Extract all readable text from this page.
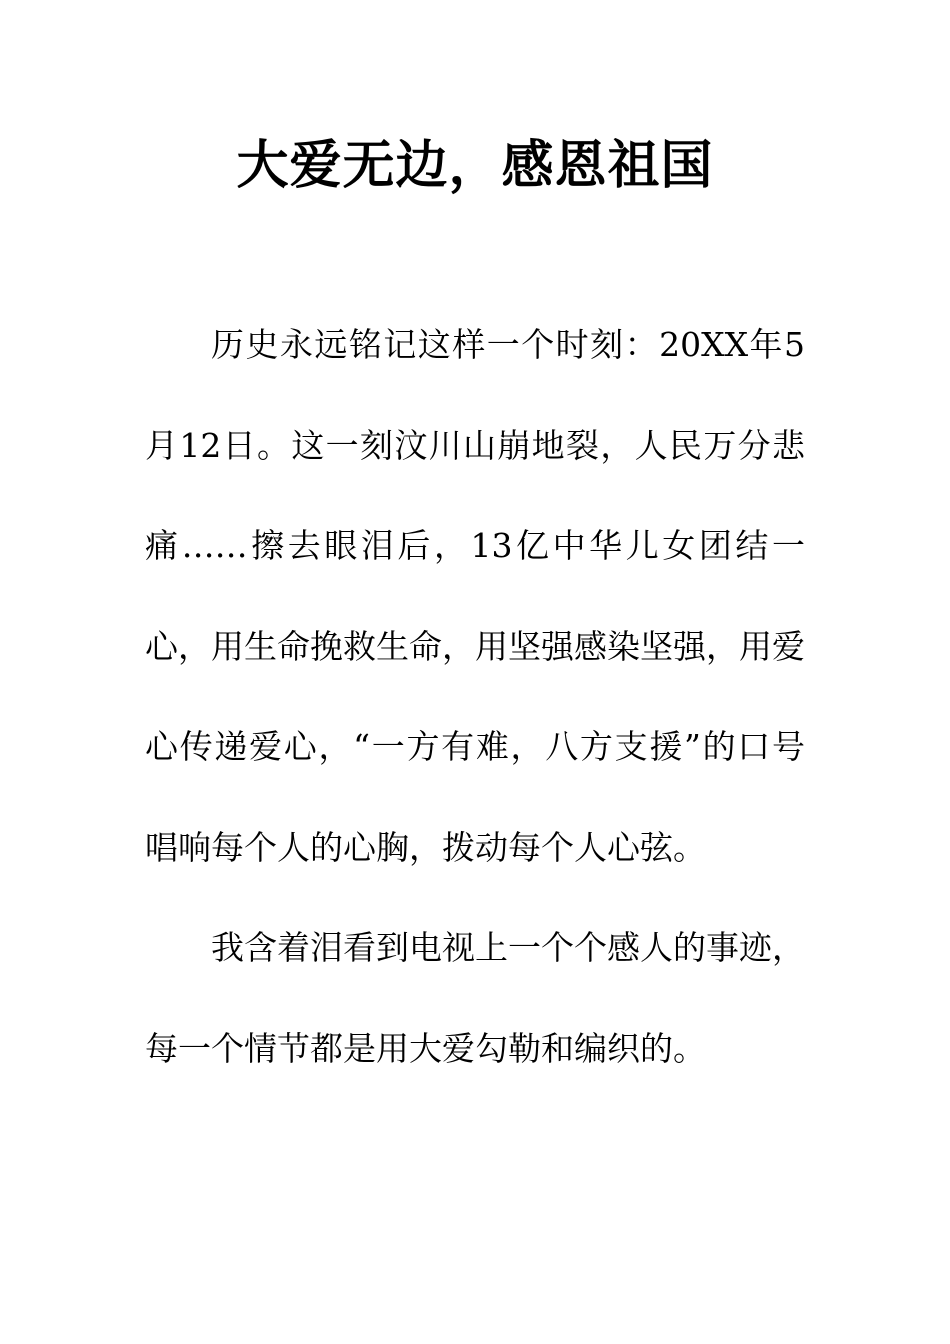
大爱无边，感恩祖国

历史永远铭记这样一个时刻：20XX年5月12日。这一刻汶川山崩地裂，人民万分悲痛……擦去眼泪后，13亿中华儿女团结一心，用生命挽救生命，用坚强感染坚强，用爱心传递爱心，“一方有难，八方支援”的口号唱响每个人的心胸，拨动每个人心弦。

我含着泪看到电视上一个个感人的事迹，每一个情节都是用大爱勾勒和编织的。
